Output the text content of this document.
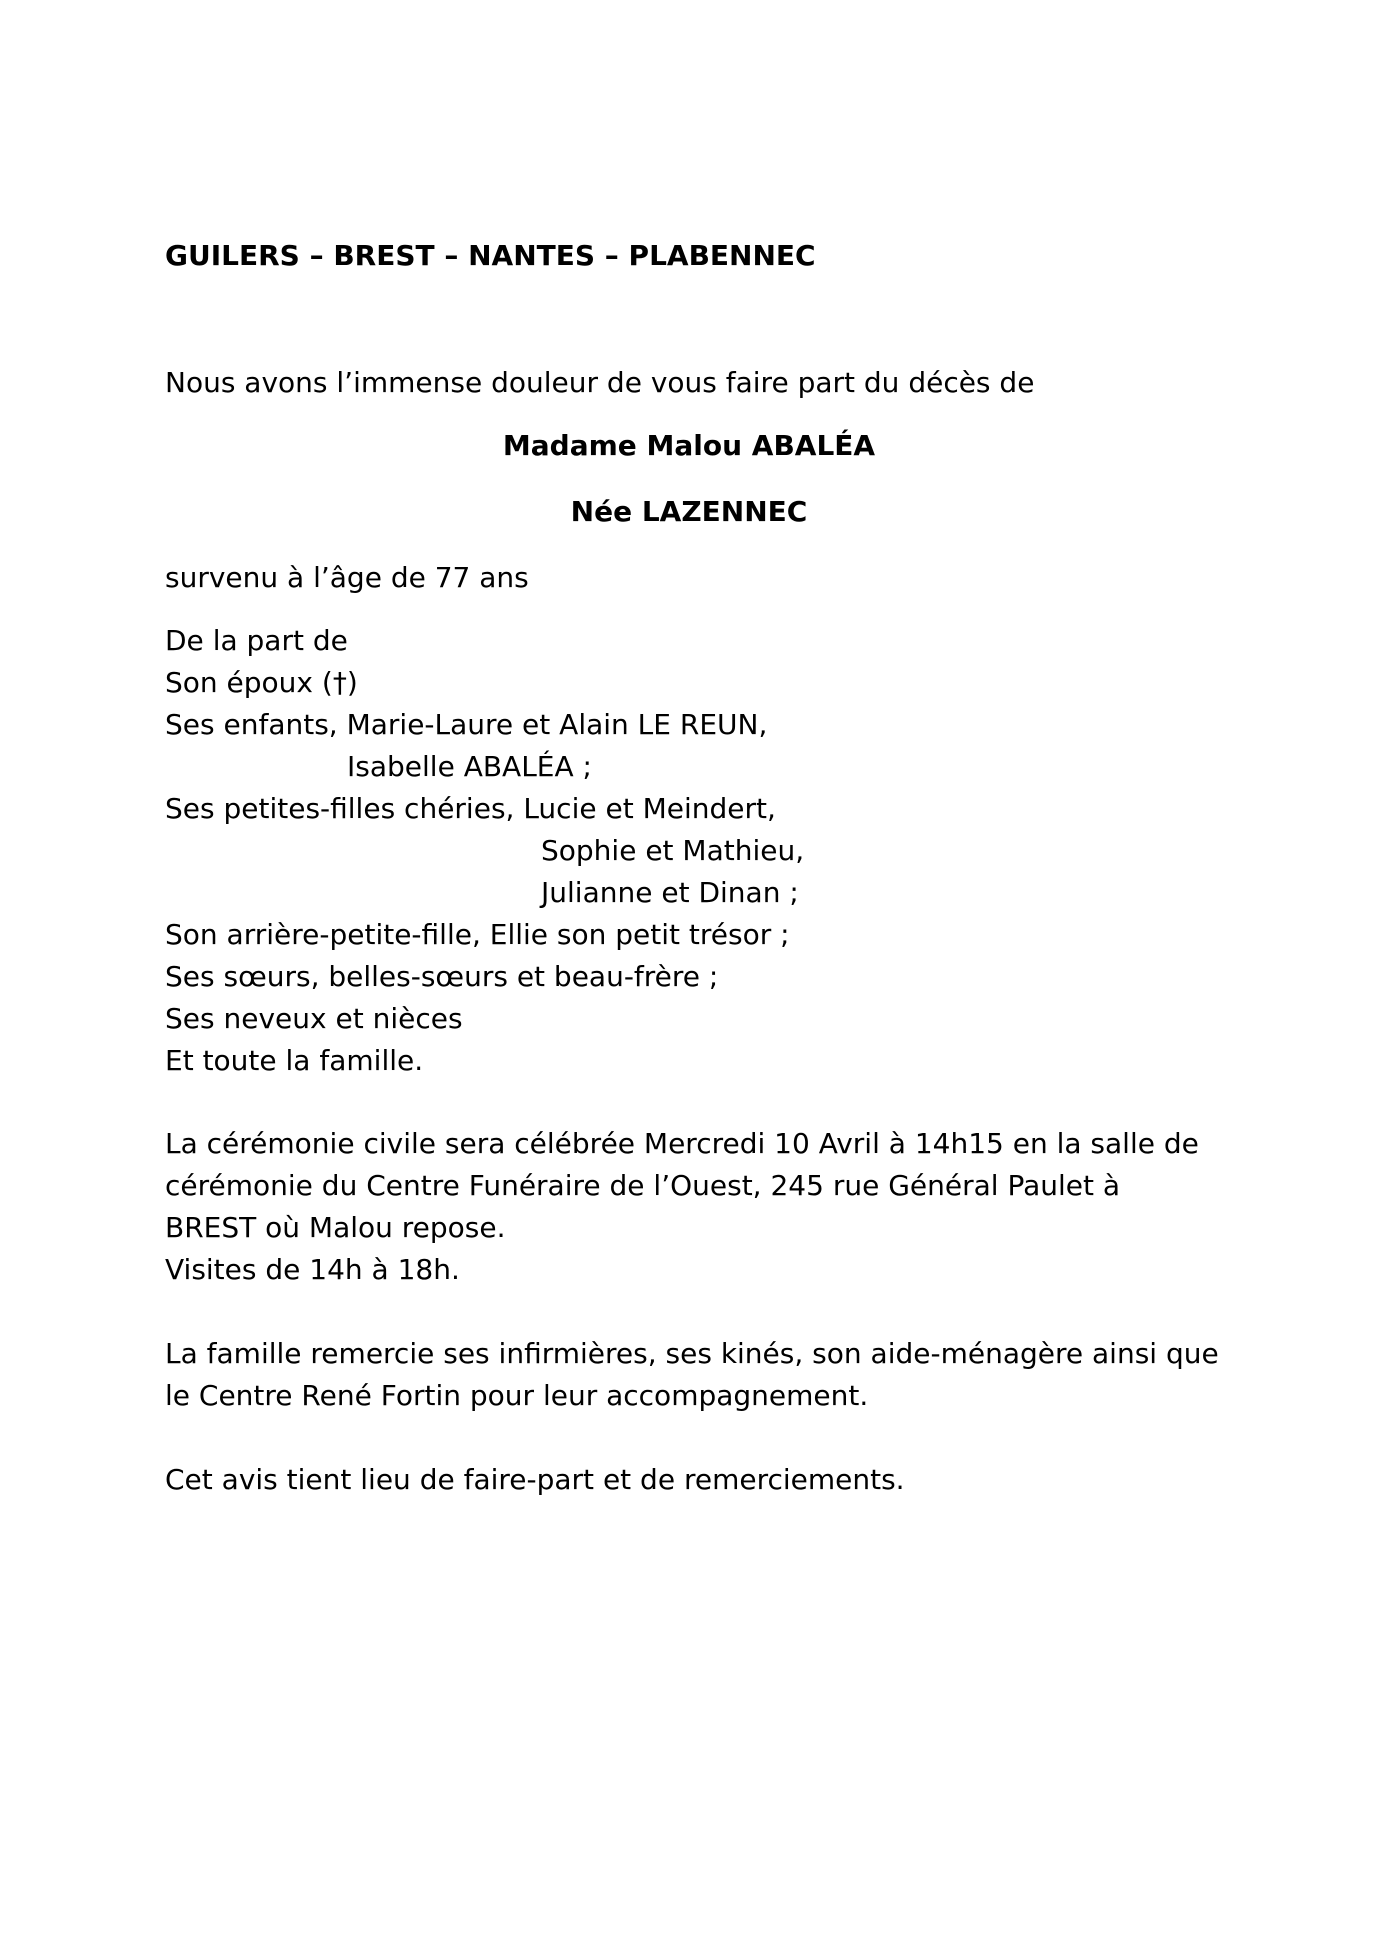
GUILERS – BREST – NANTES – PLABENNEC
Nous avons l’immense douleur de vous faire part du décès de
Madame Malou ABALÉA
Née LAZENNEC
survenu à l’âge de 77 ans
De la part de
Son époux (†)
Ses enfants, Marie-Laure et Alain LE REUN,
Isabelle ABALÉA ;
Ses petites-filles chéries, Lucie et Meindert,
Sophie et Mathieu,
Julianne et Dinan ;
Son arrière-petite-fille, Ellie son petit trésor ;
Ses sœurs, belles-sœurs et beau-frère ;
Ses neveux et nièces
Et toute la famille.
La cérémonie civile sera célébrée Mercredi 10 Avril à 14h15 en la salle de
cérémonie du Centre Funéraire de l’Ouest, 245 rue Général Paulet à
BREST où Malou repose.
Visites de 14h à 18h.
La famille remercie ses infirmières, ses kinés, son aide-ménagère ainsi que
le Centre René Fortin pour leur accompagnement.
Cet avis tient lieu de faire-part et de remerciements.
